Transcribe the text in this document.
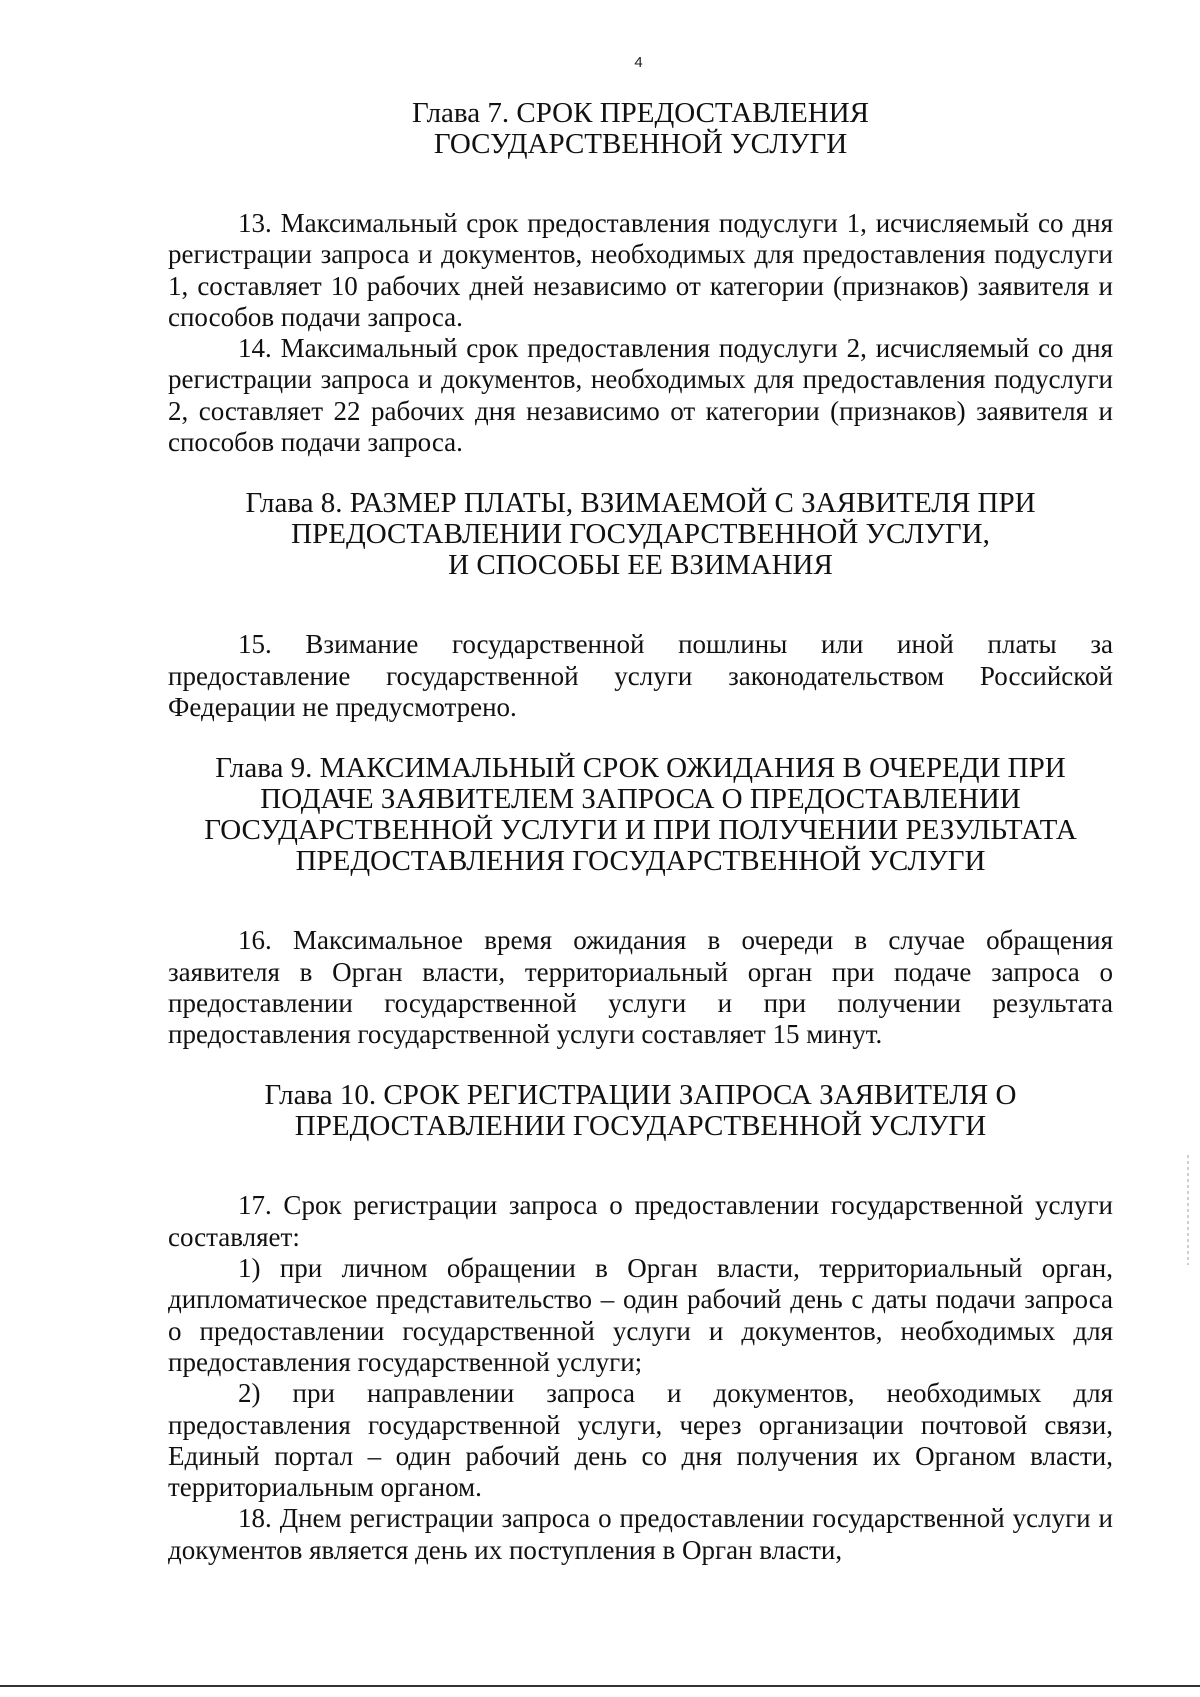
4
Глава 7. СРОК ПРЕДОСТАВЛЕНИЯ
ГОСУДАРСТВЕННОЙ УСЛУГИ

13. Максимальный срок предоставления подуслуги 1, исчисляемый со дня регистрации запроса и документов, необходимых для предоставления подуслуги 1, составляет 10 рабочих дней независимо от категории (признаков) заявителя и способов подачи запроса.

14. Максимальный срок предоставления подуслуги 2, исчисляемый со дня регистрации запроса и документов, необходимых для предоставления подуслуги 2, составляет 22 рабочих дня независимо от категории (признаков) заявителя и способов подачи запроса.

Глава 8. РАЗМЕР ПЛАТЫ, ВЗИМАЕМОЙ С ЗАЯВИТЕЛЯ ПРИ
ПРЕДОСТАВЛЕНИИ ГОСУДАРСТВЕННОЙ УСЛУГИ,
И СПОСОБЫ ЕЕ ВЗИМАНИЯ

15. Взимание государственной пошлины или иной платы за предоставление государственной услуги законодательством Российской Федерации не предусмотрено.

Глава 9. МАКСИМАЛЬНЫЙ СРОК ОЖИДАНИЯ В ОЧЕРЕДИ ПРИ
ПОДАЧЕ ЗАЯВИТЕЛЕМ ЗАПРОСА О ПРЕДОСТАВЛЕНИИ
ГОСУДАРСТВЕННОЙ УСЛУГИ И ПРИ ПОЛУЧЕНИИ РЕЗУЛЬТАТА
ПРЕДОСТАВЛЕНИЯ ГОСУДАРСТВЕННОЙ УСЛУГИ

16. Максимальное время ожидания в очереди в случае обращения заявителя в Орган власти, территориальный орган при подаче запроса о предоставлении государственной услуги и при получении результата предоставления государственной услуги составляет 15 минут.

Глава 10. СРОК РЕГИСТРАЦИИ ЗАПРОСА ЗАЯВИТЕЛЯ О
ПРЕДОСТАВЛЕНИИ ГОСУДАРСТВЕННОЙ УСЛУГИ

17. Срок регистрации запроса о предоставлении государственной услуги составляет:

1) при личном обращении в Орган власти, территориальный орган, дипломатическое представительство – один рабочий день с даты подачи запроса о предоставлении государственной услуги и документов, необходимых для предоставления государственной услуги;

2) при направлении запроса и документов, необходимых для предоставления государственной услуги, через организации почтовой связи, Единый портал – один рабочий день со дня получения их Органом власти, территориальным органом.

18. Днем регистрации запроса о предоставлении государственной услуги и документов является день их поступления в Орган власти,
